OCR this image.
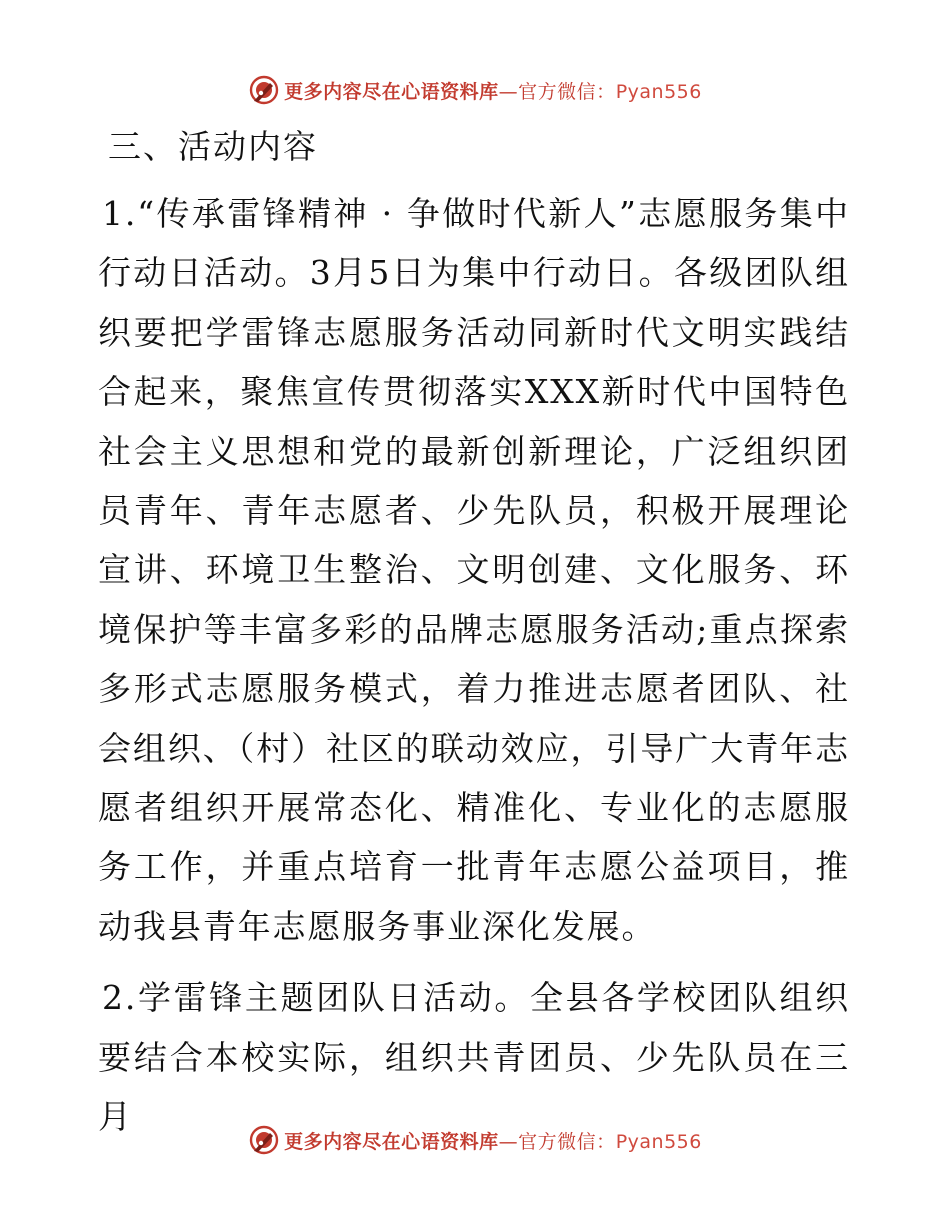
更多内容尽在心语资料库—官方微信：Pyan556
三、活动内容

1.“传承雷锋精神 · 争做时代新人”志愿服务集中行动日活动。3月5日为集中行动日。各级团队组织要把学雷锋志愿服务活动同新时代文明实践结合起来，聚焦宣传贯彻落实XXX新时代中国特色社会主义思想和党的最新创新理论，广泛组织团员青年、青年志愿者、少先队员，积极开展理论宣讲、环境卫生整治、文明创建、文化服务、环境保护等丰富多彩的品牌志愿服务活动;重点探索多形式志愿服务模式，着力推进志愿者团队、社会组织、（村）社区的联动效应，引导广大青年志愿者组织开展常态化、精准化、专业化的志愿服务工作，并重点培育一批青年志愿公益项目，推动我县青年志愿服务事业深化发展。

2.学雷锋主题团队日活动。全县各学校团队组织要结合本校实际，组织共青团员、少先队员在三月

更多内容尽在心语资料库—官方微信：Pyan556
